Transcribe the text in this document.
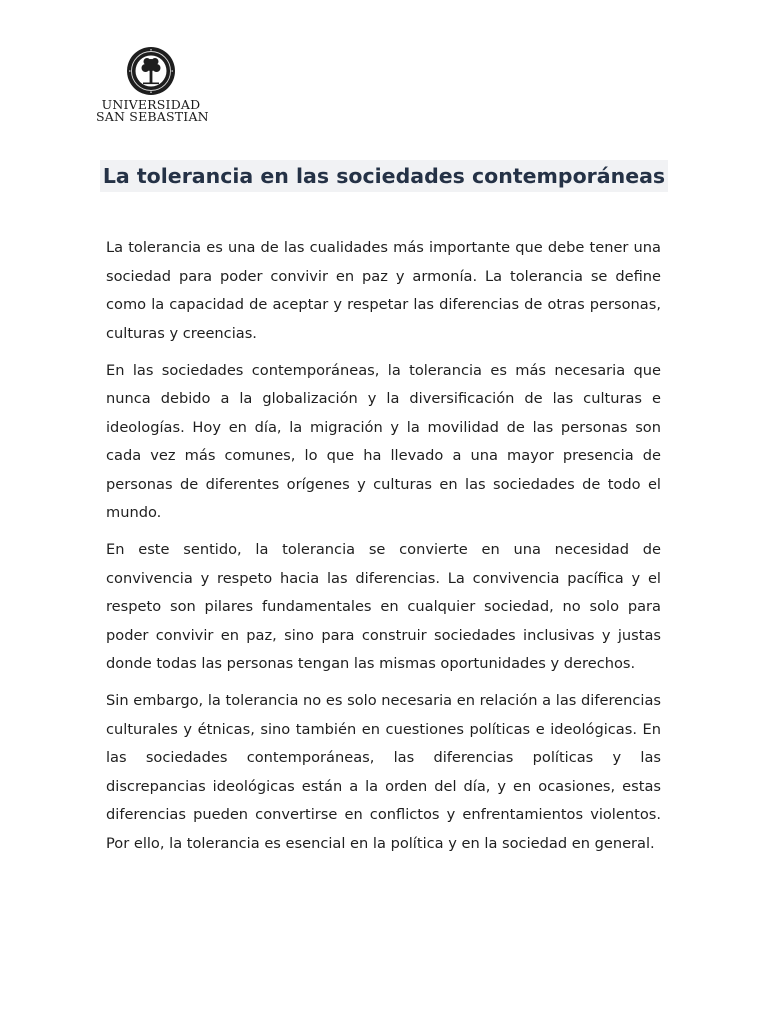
UNIVERSIDAD
SAN SEBASTIAN
La tolerancia en las sociedades contemporáneas

La tolerancia es una de las cualidades más importante que debe tener una sociedad para poder convivir en paz y armonía. La tolerancia se define como la capacidad de aceptar y respetar las diferencias de otras personas, culturas y creencias.

En las sociedades contemporáneas, la tolerancia es más necesaria que nunca debido a la globalización y la diversificación de las culturas e ideologías. Hoy en día, la migración y la movilidad de las personas son cada vez más comunes, lo que ha llevado a una mayor presencia de personas de diferentes orígenes y culturas en las sociedades de todo el mundo.

En este sentido, la tolerancia se convierte en una necesidad de convivencia y respeto hacia las diferencias. La convivencia pacífica y el respeto son pilares fundamentales en cualquier sociedad, no solo para poder convivir en paz, sino para construir sociedades inclusivas y justas donde todas las personas tengan las mismas oportunidades y derechos.

Sin embargo, la tolerancia no es solo necesaria en relación a las diferencias culturales y étnicas, sino también en cuestiones políticas e ideológicas. En las sociedades contemporáneas, las diferencias políticas y las discrepancias ideológicas están a la orden del día, y en ocasiones, estas diferencias pueden convertirse en conflictos y enfrentamientos violentos. Por ello, la tolerancia es esencial en la política y en la sociedad en general.
